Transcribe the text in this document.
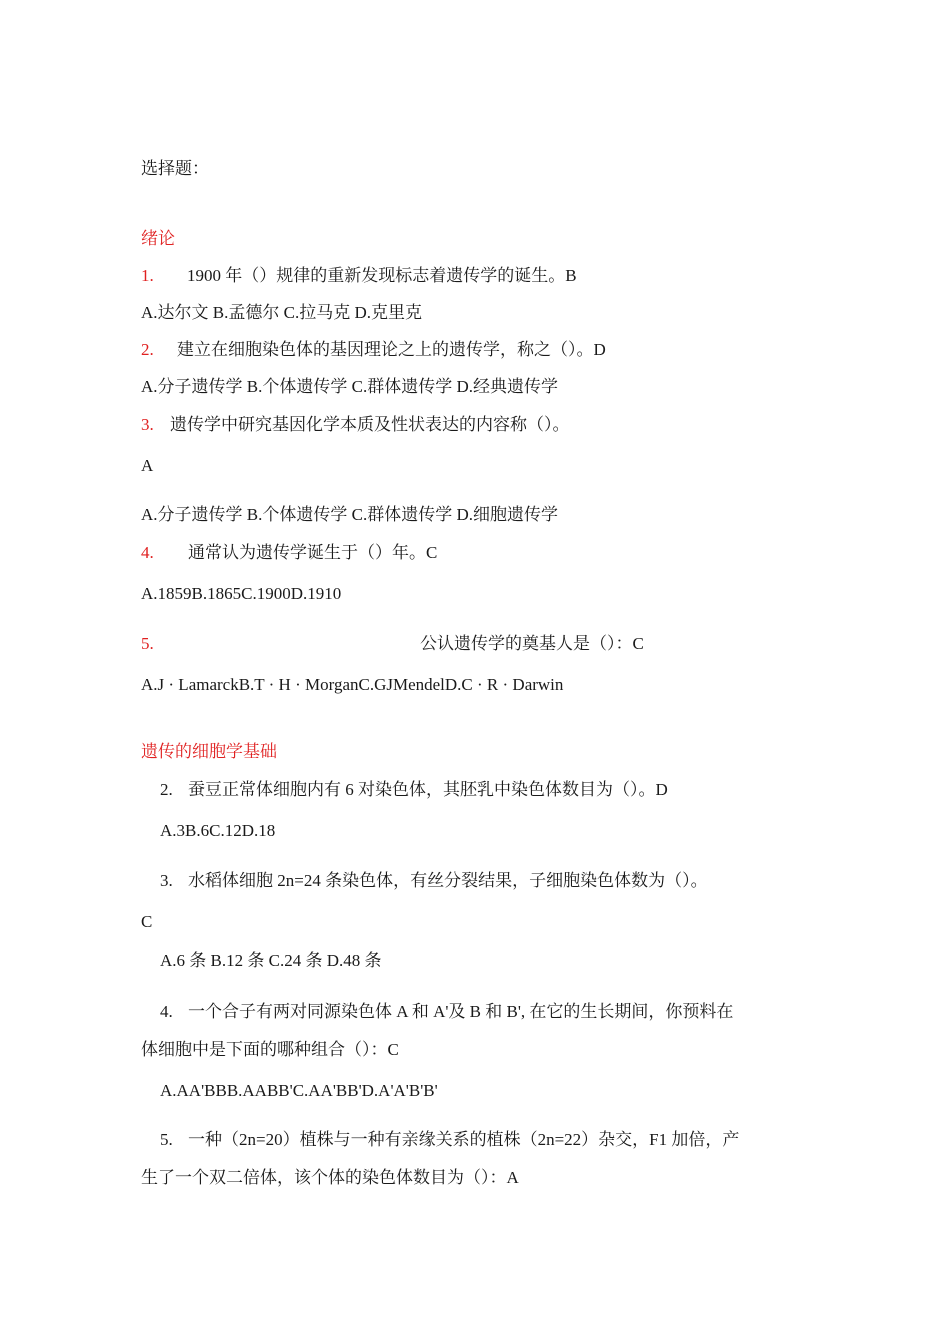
选择题：
绪论
1. 1900 年（）规律的重新发现标志着遗传学的诞生。B
A.达尔文 B.孟德尔 C.拉马克 D.克里克
2. 建立在细胞染色体的基因理论之上的遗传学，称之（）。D
A.分子遗传学 B.个体遗传学 C.群体遗传学 D.经典遗传学
3. 遗传学中研究基因化学本质及性状表达的内容称（）。
A
A.分子遗传学 B.个体遗传学 C.群体遗传学 D.细胞遗传学
4. 通常认为遗传学诞生于（）年。C
A.1859B.1865C.1900D.1910
5.	公认遗传学的奠基人是（）：C
A.J · LamarckB.T · H · MorganC.GJMendelD.C · R · Darwin
遗传的细胞学基础
2. 蚕豆正常体细胞内有 6 对染色体，其胚乳中染色体数目为（）。D
A.3B.6C.12D.18
3. 水稻体细胞 2n=24 条染色体，有丝分裂结果，子细胞染色体数为（）。
C
A.6 条 B.12 条 C.24 条 D.48 条
4. 一个合子有两对同源染色体 A 和 A'及 B 和 B', 在它的生长期间，你预料在
体细胞中是下面的哪种组合（）：C
A.AA'BBB.AABB'C.AA'BB'D.A'A'B'B'
5. 一种（2n=20）植株与一种有亲缘关系的植株（2n=22）杂交，F1 加倍，产
生了一个双二倍体，该个体的染色体数目为（）：A
